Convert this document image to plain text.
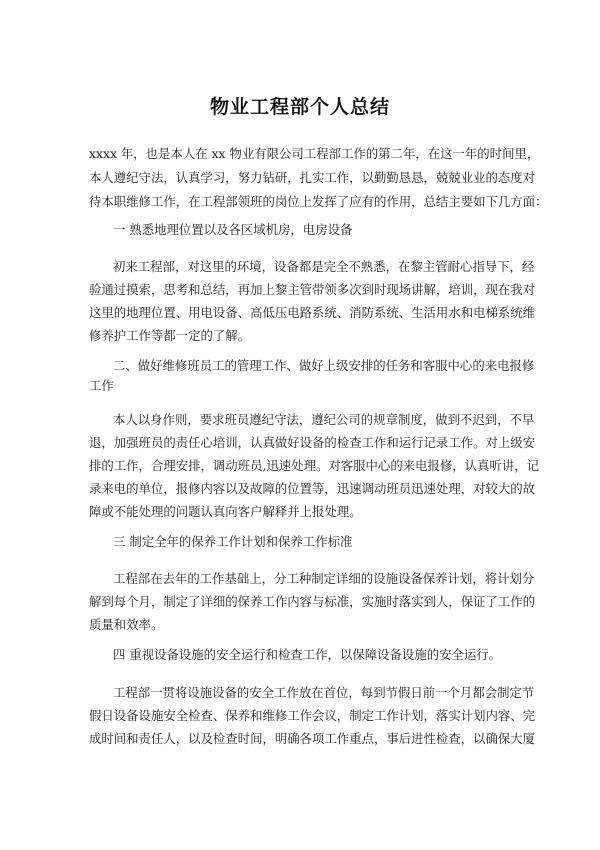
物业工程部个人总结
xxxx 年，也是本人在 xx 物业有限公司工程部工作的第二年，在这一年的时间里，
本人遵纪守法，认真学习，努力钻研，扎实工作，以勤勤恳恳，兢兢业业的态度对
待本职维修工作，在工程部领班的岗位上发挥了应有的作用，总结主要如下几方面：
一 熟悉地理位置以及各区域机房，电房设备
初来工程部，对这里的环境，设备都是完全不熟悉，在黎主管耐心指导下，经
验通过摸索，思考和总结，再加上黎主管带领多次到时现场讲解，培训，现在我对
这里的地理位置、用电设备、高低压电路系统、消防系统、生活用水和电梯系统维
修养护工作等都一定的了解。
二、做好维修班员工的管理工作、做好上级安排的任务和客服中心的来电报修
工作
本人以身作则，要求班员遵纪守法，遵纪公司的规章制度，做到不迟到，不早
退，加强班员的责任心培训，认真做好设备的检查工作和运行记录工作。对上级安
排的工作，合理安排，调动班员,迅速处理。对客服中心的来电报修，认真听讲，记
录来电的单位，报修内容以及故障的位置等，迅速调动班员迅速处理，对较大的故
障或不能处理的问题认真向客户解释并上报处理。
三 制定全年的保养工作计划和保养工作标准
工程部在去年的工作基础上，分工种制定详细的设施设备保养计划，将计划分
解到每个月，制定了详细的保养工作内容与标准，实施时落实到人，保证了工作的
质量和效率。
四 重视设备设施的安全运行和检查工作，以保障设备设施的安全运行。
工程部一贯将设施设备的安全工作放在首位，每到节假日前一个月都会制定节
假日设备设施安全检查、保养和维修工作会议，制定工作计划，落实计划内容、完
成时间和责任人，以及检查时间，明确各项工作重点，事后进性检查，以确保大厦
